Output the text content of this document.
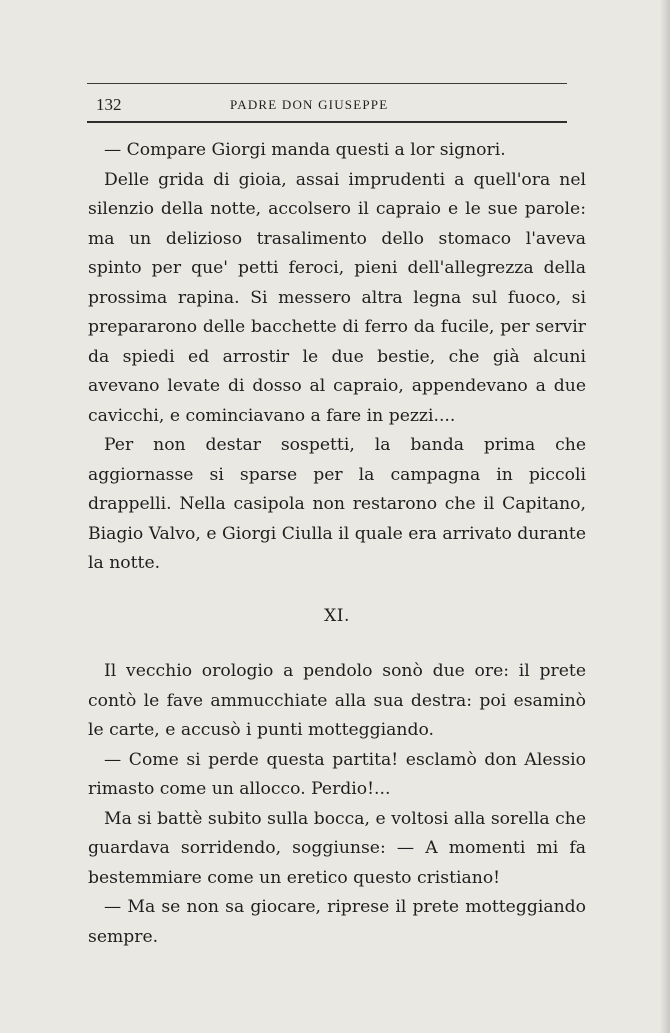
132	PADRE DON GIUSEPPE

— Compare Giorgi manda questi a lor signori.

Delle grida di gioia, assai imprudenti a quell'ora nel silenzio della notte, accolsero il capraio e le sue parole: ma un delizioso trasalimento dello stomaco l'aveva spinto per que' petti feroci, pieni dell'allegrezza della prossima rapina. Si messero altra legna sul fuoco, si prepararono delle bacchette di ferro da fucile, per servir da spiedi ed arrostir le due bestie, che già alcuni avevano levate di dosso al capraio, appendevano a due cavicchi, e cominciavano a fare in pezzi....

Per non destar sospetti, la banda prima che aggiornasse si sparse per la campagna in piccoli drappelli. Nella casipola non restarono che il Capitano, Biagio Valvo, e Giorgi Ciulla il quale era arrivato durante la notte.

XI.

Il vecchio orologio a pendolo sonò due ore: il prete contò le fave ammucchiate alla sua destra: poi esaminò le carte, e accusò i punti motteggiando.

— Come si perde questa partita! esclamò don Alessio rimasto come un allocco. Perdio!...

Ma si battè subito sulla bocca, e voltosi alla sorella che guardava sorridendo, soggiunse: — A momenti mi fa bestemmiare come un eretico questo cristiano!

— Ma se non sa giocare, riprese il prete motteggiando sempre.
